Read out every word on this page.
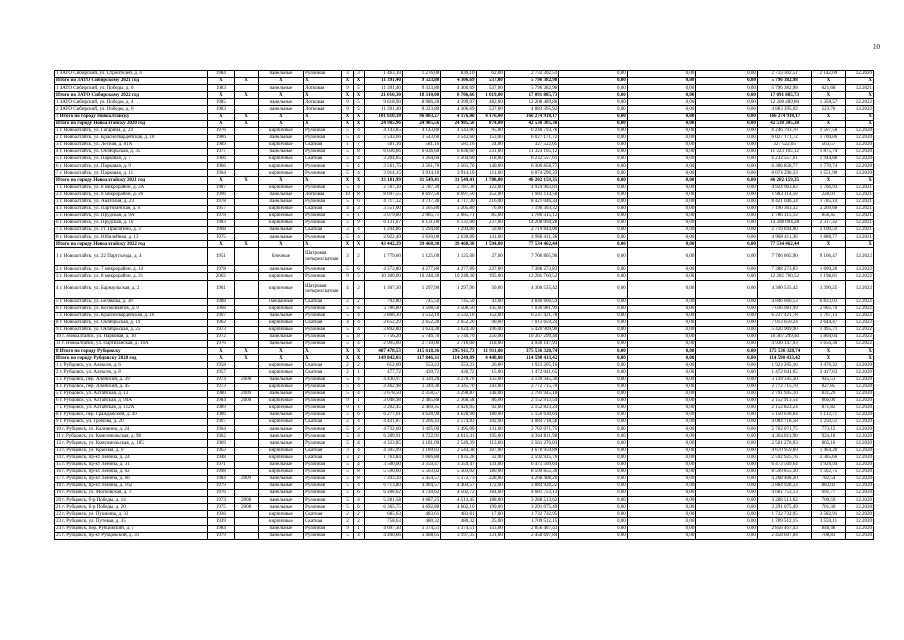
10
1 ЗАТО Сибирский, ул. Строителей, д. 4	1984		панельные	Рулонная	3	3	1 463,10	1 276,00	839,10	62,00	2 733 302,51	0,00	0,00	0,00	2 733 302,51	2 142,09	12.2020
Итого по ЗАТО Сибирскому 2021 год	X	X	X	X	X	X	11 391,40	9 323,80	4 306,69	537,00	5 796 382,98	0,00	0,00	0,00	5 796 382,98	X	X
1 ЗАТО Сибирский, ул. Победы, д. 6	1983		панельные	Лотковая	9	5	11 391,40	9 323,80	4 306,69	537,00	5 796 382,98	0,00	0,00	0,00	5 796 382,98	621,68	12.2021
Итого по ЗАТО Сибирскому 2022 год	X	X	X	X	X	X	21 010,30	18 310,08	8 706,66	1 019,00	17 091 885,73	0,00	0,00	0,00	17 091 885,73	X	X
1 ЗАТО Сибирский, ул. Победы, д. 4	1985		панельные	Лотковая	9	5	9 618,90	8 986,28	4 399,97	482,00	12 208 489,80	0,00	0,00	0,00	12 208 489,80	1 358,57	12.2022
2 ЗАТО Сибирский, ул. Победы, д. 6	1983		панельные	Лотковая	9	5	11 391,40	9 323,80	4 306,69	537,00	4 883 395,92	0,00	0,00	0,00	4 883 395,92	523,76	12.2022
7 Итого по городу Новоалтайску	X	X	X	X	X	X	101 610,18	96 003,27	4 176,00	4 176,00	166 274 918,17	0,00	0,00	0,00	166 274 918,17	X	X
Итого по городу Новоалтайску 2020 год	X	X	X	X	X	X	24 985,96	24 985,56	24 985,56	874,00	42 538 305,38	0,00	0,00	0,00	42 538 305,38	X	X
1 г. Новоалтайск, ул. Гагарина, д. 24	1976		кирпичные	Рулонная	5	4	4 143,85	4 143,80	4 143,80	95,00	6 246 793,76	0,00	0,00	0,00	6 246 793,76	1 507,50	12.2020
2 г. Новоалтайск, ул. Красногвардейская, д. 18	1986		панельные	Рулонная	5	4	3 543,66	3 543,60	3 543,60	153,00	6 027 171,72	0,00	0,00	0,00	6 027 171,72	1 700,86	12.2020
3 г. Новоалтайск, ул. Лесная, д. 81А	1989		кирпичные	Скатная	1	7	581,16	581,16	581,16	24,00	327 522,05	0,00	0,00	0,00	327 522,05	563,57	12.2020
4 г. Новоалтайск, ул. Октябрьская, д. 35	1977		панельные	Рулонная	5	8	6 036,66	6 036,60	6 036,60	231,00	11 323 105,12	0,00	0,00	0,00	11 323 105,12	1 875,74	12.2020
5 г. Новоалтайск, ул. Парковая, д. 7	1966		кирпичные	Скатная	5	4	3 204,65	3 204,60	3 204,60	118,00	6 232 557,61	0,00	0,00	0,00	6 232 557,61	1 944,88	12.2020
6 г. Новоалтайск, ул. Парковая, д. 9	1966		кирпичные	Рулонная	5	4	3 561,75	3 561,70	3 561,70	140,00	6 306 858,77	0,00	0,00	0,00	6 306 858,77	1 770,74	12.2020
7 г. Новоалтайск, ул. Парковая, д. 11	1964		кирпичные	Рулонная	5	4	3 914,15	3 914,10	3 914,10	111,00	6 074 296,33	0,00	0,00	0,00	6 074 296,33	1 551,90	12.2020
Итого по городу Новоалтайску 2021 год	X	X	X	X	X	X	33 181,99	31 549,41	31 549,41	1 708,00	46 202 159,35	0,00	0,00	0,00	46 202 159,35	X	X
1 г. Новоалтайск, ул. 8 микрорайон, д. 3А	1987		кирпичные	Рулонная	5	4	2 787,39	2 787,30	2 787,30	122,00	4 924 963,83	0,00	0,00	0,00	4 924 963,83	1 766,93	12.2021
2 г. Новоалтайск, ул. 8 микрорайон, д. 26	1996		панельные	Лотковая	10	8	8 697,55	8 697,50	8 697,50	352,00	1 983 114,50	0,00	0,00	0,00	1 983 114,50	228,01	12.2021
3 г. Новоалтайск, ул. Анатолия, д. 23	1978		панельные	Рулонная	5	6	4 717,32	4 717,30	4 717,30	216,00	8 421 046,34	0,00	0,00	0,00	8 421 046,34	1 785,14	12.2021
4 г. Новоалтайск, ул. Партизанская, д. 6	1957		кирпичные	Скатная	4	3	3 551,00	3 205,80	3 205,80	76,00	7 190 363,32	0,00	0,00	0,00	7 190 363,32	2 269,68	12.2021
5 г. Новоалтайск, ул. Прудская, д. 9А	1978		кирпичные	Рулонная	5	1	3 079,80	2 085,71	2 085,71	85,00	1 786 315,12	0,00	0,00	0,00	1 786 315,12	856,45	12.2021
6 г. Новоалтайск, ул. Прудская, д. 10	1983		кирпичные	Рулонная	5	9	6 131,07	6 131,00	6 131,00	237,00	14 208 094,28	0,00	0,00	0,00	14 208 094,28	2 317,42	12.2021
7 г. Новоалтайск, ул. ст. Присягино, д. 3	1968		панельные	Скатная	3	4	1 294,86	1 294,80	1 294,80	59,00	2 719 844,00	0,00	0,00	0,00	2 719 844,00	2 100,59	12.2021
8 г. Новоалтайск, ул. Юбилейная, д. 13	1975		панельные	Рулонная	5	4	2 922,40	2 630,00	2 630,00	141,00	4 968 411,36	0,00	0,00	0,00	4 968 411,36	1 888,77	12.2021
Итого по городу Новоалтайску 2022 год	X	X	X	X	X	X	43 442,29	39 468,30	39 468,30	1 594,00	77 534 462,44	0,00	0,00	0,00	77 534 462,44	X	X
1 г. Новоалтайск, ул. 22 Партсъезда, д. 4	1951		блочные	Шатровая четырехскатная	3	2	1 779,60	1 125,00	1 125,00	27,00	7 706 805,90	0,00	0,00	0,00	7 706 805,90	9 106,47	12.2022
2 г. Новоалтайск, ул. 7 микрорайон, д. 14	1978		панельные	Рулонная	5	6	4 372,80	4 277,80	4 277,80	227,00	7 388 273,83	0,00	0,00	0,00	7 388 273,83	1 690,26	12.2022
3 г. Новоалтайск, ул. 8 микрорайон, д. 31	2002		кирпичные	Рулонная	9	5	10 300,00	10 248,30	10 248,30	395,00	12 285 760,52	0,00	0,00	0,00	12 285 760,52	1 198,81	12.2022
4 г. Новоалтайск, ул. Барнаульская, д. 2	1961		кирпичные	Шатровая четырехскатная	4	2	1 307,30	1 297,90	1 297,90	50,00	4 300 535,42	0,00	0,00	0,00	4 300 535,42	3 390,25	12.2022
5 г. Новоалтайск, ул. Белякова, д. 38	1988		смешанные	Скатная	2	2	792,80	745,50	745,50	43,00	4 846 666,53	0,00	0,00	0,00	4 846 666,53	6 833,03	12.2022
6 г. Новоалтайск, ул. Космонавтов, д. 9	1968		кирпичные	Рулонная	5	4	3 786,80	3 508,50	3 508,50	145,00	7 036 981,99	0,00	0,00	0,00	7 036 981,99	2 005,70	12.2022
7 г. Новоалтайск, ул. Красногвардейская, д. 16	1967		панельные	Рулонная	5	4	3 806,10	3 532,10	3 532,10	152,00	6 237 421,78	0,00	0,00	0,00	6 237 421,78	1 767,13	12.2022
8 г. Новоалтайск, ул. Октябрьская, д. 19	1962		кирпичные	Скатная	4	4	2 652,29	2 652,20	2 652,20	90,00	7 013 659,24	0,00	0,00	0,00	7 013 659,24	2 644,47	12.2022
9 г. Новоалтайск, ул. Октябрьская, д. 25	1973		кирпичные	Рулонная	5	4	3 892,80	3 624,30	3 624,30	106,00	5 420 909,90	0,00	0,00	0,00	5 420 909,90	1 495,71	12.2022
10 г. Новоалтайск, ул. Парковая, д. 10	1972		панельные	Рулонная	5	8	7 756,20	5 746,70	5 746,70	250,00	10 367 299,40	0,00	0,00	0,00	10 367 299,40	1 804,04	12.2022
11 г. Новоалтайск, ул. Партизанская, д. 18А	1976		панельные	Рулонная	5	4	2 995,00	2 710,00	2 710,00	118,00	4 930 147,93	0,00	0,00	0,00	4 930 147,93	1 656,30	12.2022
8 Итого по городу Рубцовску	X	X	X	X	X	X	407 478,53	315 618,36	295 911,73	11 911,00	375 536 328,74	0,00	0,00	0,00	375 536 328,74	X	X
Итого по городу Рубцовску 2020 год	X	X	X	X	X	X	149 842,03	117 846,31	114 249,89	4 448,00	114 590 433,42	0,00	0,00	0,00	114 590 433,42	X	X
1 г. Рубцовск, ул. Алексея, д. 6	1958		кирпичные	Скатная	2	2	612,00	553,23	553,23	26,00	1 923 205,16	0,00	0,00	0,00	1 923 205,16	3 476,32	12.2020
2 г. Рубцовск, ул. Алексея, д. 8	1957		кирпичные	Скатная	2	1	477,72	430,72	430,72	15,00	1 472 041,65	0,00	0,00	0,00	1 472 041,65	3 417,63	12.2020
3 г. Рубцовск, пер. Алейский, д. 39	1974	2008	панельные	Рулонная	5	4	4 430,97	3 320,26	3 276,76	135,00	3 139 345,30	0,00	0,00	0,00	3 139 345,30	945,51	12.2020
4 г. Рубцовск, пер. Алейский, д. 45	1973		кирпичные	Рулонная	5	4	4 462,98	3 349,30	3 345,70	143,00	2 772 715,70	0,00	0,00	0,00	2 772 715,70	827,85	12.2020
5 г. Рубцовск, ул. Алтайская, д. 13	1980	2009	панельные	Рулонная	5	4	3 678,50	2 358,57	3 298,87	148,00	2 791 945,10	0,00	0,00	0,00	2 791 945,10	831,29	12.2020
6 г. Рубцовск, ул. Алтайская, д. 94А	1984	2008	кирпичные	Рулонная	9	1	3 048,98	2 485,88	2 368,58	86,00	2 152 913,54	0,00	0,00	0,00	2 152 913,54	866,06	12.2020
7 г. Рубцовск, ул. Алтайская, д. 112А	1989		кирпичные	Рулонная	9	1	3 202,45	2 469,35	2 426,05	92,00	2 152 823,24	0,00	0,00	0,00	2 152 823,24	871,82	12.2020
8 г. Рубцовск, пер. Гражданский, д. 49	1986		панельные	Рулонная	5	6	6 277,61	4 628,90	4 628,90	180,00	5 150 630,64	0,00	0,00	0,00	5 150 630,64	1 112,71	12.2020
9 г. Рубцовск, ул. Громова, д. 20	1967		кирпичные	Скатная	2	4	4 431,87	3 266,43	2 574,83	102,00	4 084 718,58	0,00	0,00	0,00	4 084 718,58	1 250,51	12.2020
10 г. Рубцовск, ул. Калинина, д. 24	1964		панельные	Рулонная	5	3	4 732,60	3 495,00	3 495,00	131,00	2 702 071,75	0,00	0,00	0,00	2 702 071,75	773,12	12.2020
11 г. Рубцовск, ул. Комсомольская, д. 98	1962		панельные	Рулонная	5	4	6 289,91	4 722,91	4 615,41	195,00	4 364 811,90	0,00	0,00	0,00	4 364 811,90	924,18	12.2020
12 г. Рубцовск, ул. Комсомольская, д. 185	1969		панельные	Рулонная	5	4	4 323,85	3 181,09	2 549,39	113,00	2 561 276,03	0,00	0,00	0,00	2 561 276,03	805,16	12.2020
13 г. Рубцовск, ул. Красная, д. 9	1963		кирпичные	Скатная	3	4	4 305,99	3 189,83	2 544,38	107,00	4 670 959,89	0,00	0,00	0,00	4 670 959,89	1 464,20	12.2020
14 г. Рубцовск, пр-кт Ленина, д. 24	1948		кирпичные	Скатная	3	2	1 763,84	1 086,88	1 035,28	32,00	2 592 925,76	0,00	0,00	0,00	2 592 925,76	2 385,66	12.2020
15 г. Рубцовск, пр-кт Ленина, д. 31	1971		панельные	Рулонная	5	4	3 500,00	3 359,47	3 359,47	131,00	6 473 509,64	0,00	0,00	0,00	6 473 509,64	1 926,94	12.2020
16 г. Рубцовск, пр-кт Ленина, д. 62	1998		кирпичные	Рулонная	5	8	5 590,60	5 503,02	5 503,02	180,00	8 599 855,30	0,00	0,00	0,00	8 599 855,30	1 562,75	12.2020
17 г. Рубцовск, пр-кт Ленина, д. 66	1984	2009	панельные	Рулонная	5	8	7 343,39	5 454,57	5 372,73	228,00	4 268 408,20	0,00	0,00	0,00	4 268 408,20	782,54	12.2020
18 г. Рубцовск, пр-кт Ленина, д. 162	1979		панельные	Рулонная	5	4	6 713,80	4 404,57	4 404,57	172,00	3 884 928,22	0,00	0,00	0,00	3 884 928,22	882,02	12.2020
19 г. Рубцовск, ул. Московская, д. 1	1976		панельные	Рулонная	5	6	6 288,62	4 720,62	4 502,72	184,00	4 681 753,13	0,00	0,00	0,00	4 681 753,13	991,77	12.2020
20 г. Рубцовск, б-р Победы, д. 14	1973	2008	панельные	Рулонная	5	4	5 281,58	4 687,25	4 513,45	188,00	3 288 513,62	0,00	0,00	0,00	3 288 513,62	700,59	12.2020
21 г. Рубцовск, б-р Победы, д. 20	1975	2008	панельные	Рулонная	5	6	6 365,75	4 692,80	4 602,10	199,00	3 291 075,49	0,00	0,00	0,00	3 291 075,49	701,30	12.2020
22 г. Рубцовск, ул. Пушкина, д. 33	1936		кирпичные	Скатная	2	2	685,63	483,61	483,61	17,00	1 732 732,95	0,00	0,00	0,00	1 732 732,95	3 582,91	12.2020
23 г. Рубцовск, ул. Путевая, д. 35	1939		кирпичные	Скатная	2	2	758,63	480,32	480,32	25,00	1 709 512,15	0,00	0,00	0,00	1 709 512,15	3 559,11	12.2020
24 г. Рубцовск, пер. Рубцовский, д. 7	1984		панельные	Рулонная	9	1	4 697,30	3 374,51	3 374,51	133,00	2 856 467,43	0,00	0,00	0,00	2 856 467,43	846,48	12.2020
25 г. Рубцовск, пр-кт Рубцовский, д. 33	1979		панельные	Рулонная	5	4	4 400,66	3 468,65	3 197,35	131,00	2 458 697,84	0,00	0,00	0,00	2 458 697,84	708,83	12.2020
